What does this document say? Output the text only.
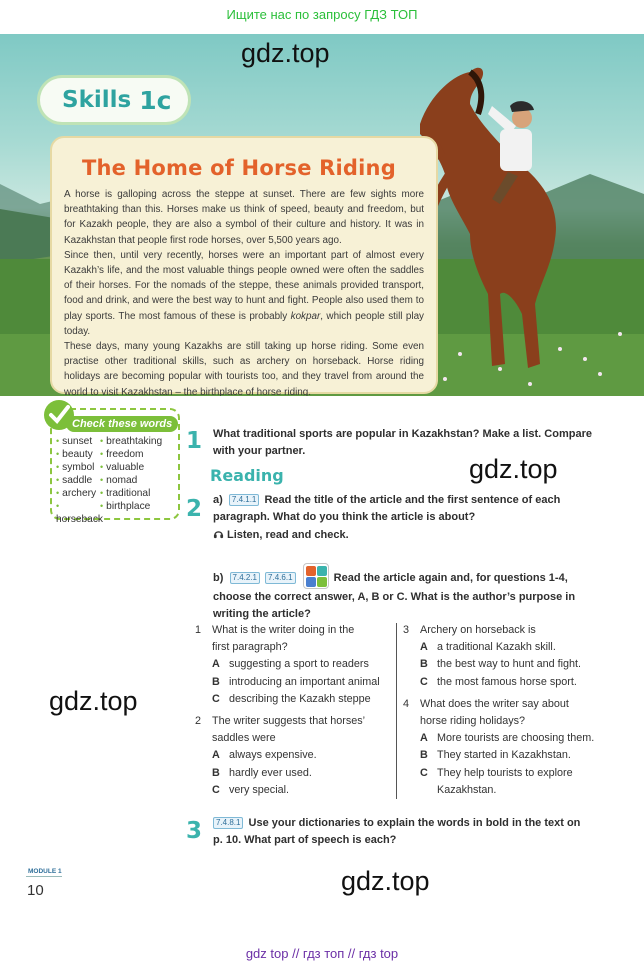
Ищите нас по запросу ГДЗ ТОП
Skills 1c
The Home of Horse Riding

A horse is galloping across the steppe at sunset. There are few sights more breathtaking than this. Horses make us think of speed, beauty and freedom, but for Kazakh people, they are also a symbol of their culture and history. It was in Kazakhstan that people first rode horses, over 5,500 years ago.

Since then, until very recently, horses were an important part of almost every Kazakh’s life, and the most valuable things people owned were often the saddles of their horses. For the nomads of the steppe, these animals provided transport, food and drink, and were the best way to hunt and fight. People also used them to play sports. The most famous of these is probably kokpar, which people still play today.

These days, many young Kazakhs are still taking up horse riding. Some even practise other traditional skills, such as archery on horseback. Horse riding holidays are becoming popular with tourists too, and they travel from around the world to visit Kazakhstan – the birthplace of horse riding.

Check these words
• sunset • breathtaking
• beauty • freedom
• symbol • valuable
• saddle • nomad
• archery • traditional
•horseback
• birthplace
1 What traditional sports are popular in Kazakhstan? Make a list. Compare with your partner.
Reading
2 a) 7.4.1.1 Read the title of the article and the first sentence of each paragraph. What do you think the article is about?
Listen, read and check.
b) 7.4.2.1 7.4.6.1	Read the article again and, for questions 1-4, choose the correct answer, A, B or C. What is the author’s purpose in writing the article?
1	What is the writer doing in the
first paragraph?
A suggesting a sport to readers
B introducing an important animal
C describing the Kazakh steppe
2	The writer suggests that horses’
saddles were
A always expensive.
B hardly ever used.
C very special.
3	Archery on horseback is
A a traditional Kazakh skill.
B the best way to hunt and fight.
C the most famous horse sport.
4	What does the writer say about
horse riding holidays?
A More tourists are choosing them.
B They started in Kazakhstan.
C They help tourists to explore Kazakhstan.
3	7.4.8.1 Use your dictionaries to explain the words in bold in the text on p. 10. What part of speech is each?
MODULE 1
10
gdz.top
gdz.top
gdz.top
gdz.top
gdz top // гдз топ // гдз top
